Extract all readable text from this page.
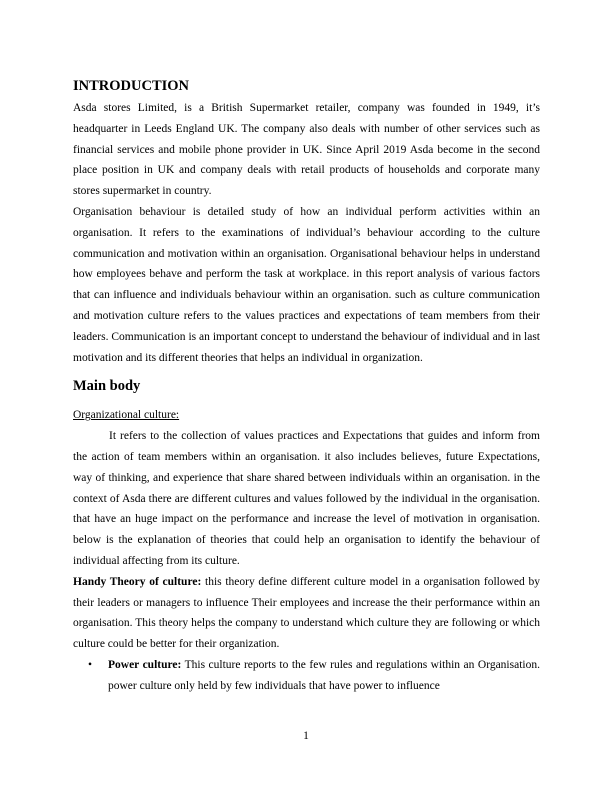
INTRODUCTION

Asda stores Limited, is a British Supermarket retailer, company was founded in 1949, it’s headquarter in Leeds England UK. The company also deals with number of other services such as financial services and mobile phone provider in UK. Since April 2019 Asda become in the second place position in UK and company deals with retail products of households and corporate many stores supermarket in country.

Organisation behaviour is detailed study of how an individual perform activities within an organisation. It refers to the examinations of individual’s behaviour according to the culture communication and motivation within an organisation. Organisational behaviour helps in understand how employees behave and perform the task at workplace. in this report analysis of various factors that can influence and individuals behaviour within an organisation. such as culture communication and motivation culture refers to the values practices and expectations of team members from their leaders. Communication is an important concept to understand the behaviour of individual and in last motivation and its different theories that helps an individual in organization.

Main body

Organizational culture:

It refers to the collection of values practices and Expectations that guides and inform from the action of team members within an organisation. it also includes believes, future Expectations, way of thinking, and experience that share shared between individuals within an organisation. in the context of Asda there are different cultures and values followed by the individual in the organisation. that have an huge impact on the performance and increase the level of motivation in organisation. below is the explanation of theories that could help an organisation to identify the behaviour of individual affecting from its culture.

Handy Theory of culture: this theory define different culture model in a organisation followed by their leaders or managers to influence Their employees and increase the their performance within an organisation. This theory helps the company to understand which culture they are following or which culture could be better for their organization.

• Power culture: This culture reports to the few rules and regulations within an Organisation. power culture only held by few individuals that have power to influence
1
